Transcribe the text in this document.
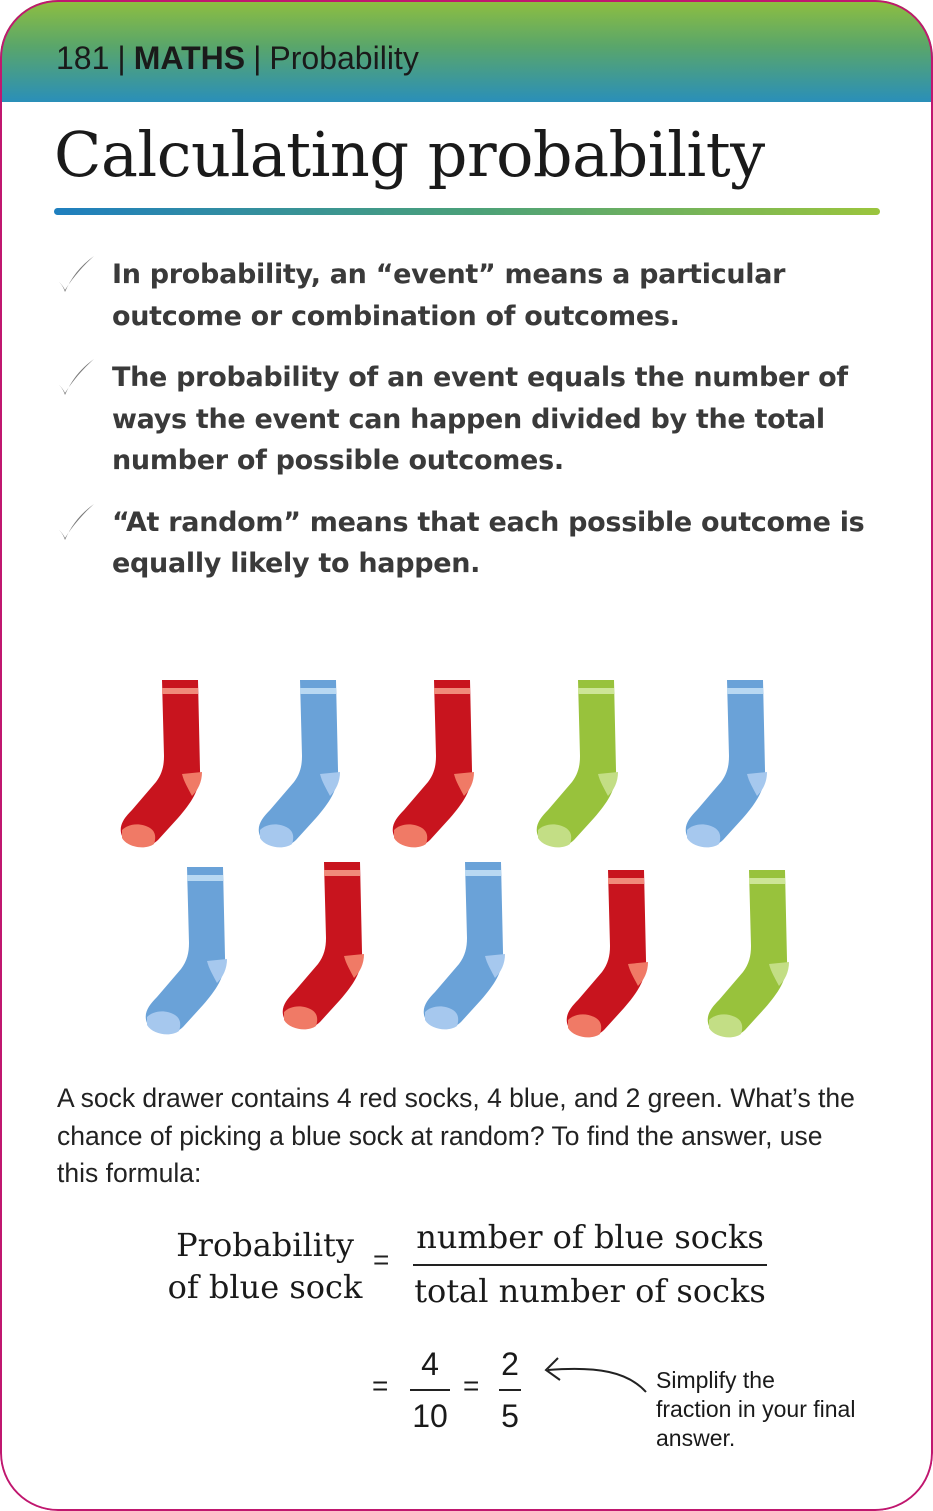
181 | MATHS | Probability
Calculating probability
In probability, an “event” means a particular outcome or combination of outcomes.
The probability of an event equals the number of ways the event can happen divided by the total number of possible outcomes.
“At random” means that each possible outcome is equally likely to happen.
A sock drawer contains 4 red socks, 4 blue, and 2 green. What’s the chance of picking a blue sock at random? To find the answer, use this formula:
Probability
of blue sock
=
number of blue socks
total number of socks
=
4
10
=
2
5
Simplify the fraction in your final answer.
